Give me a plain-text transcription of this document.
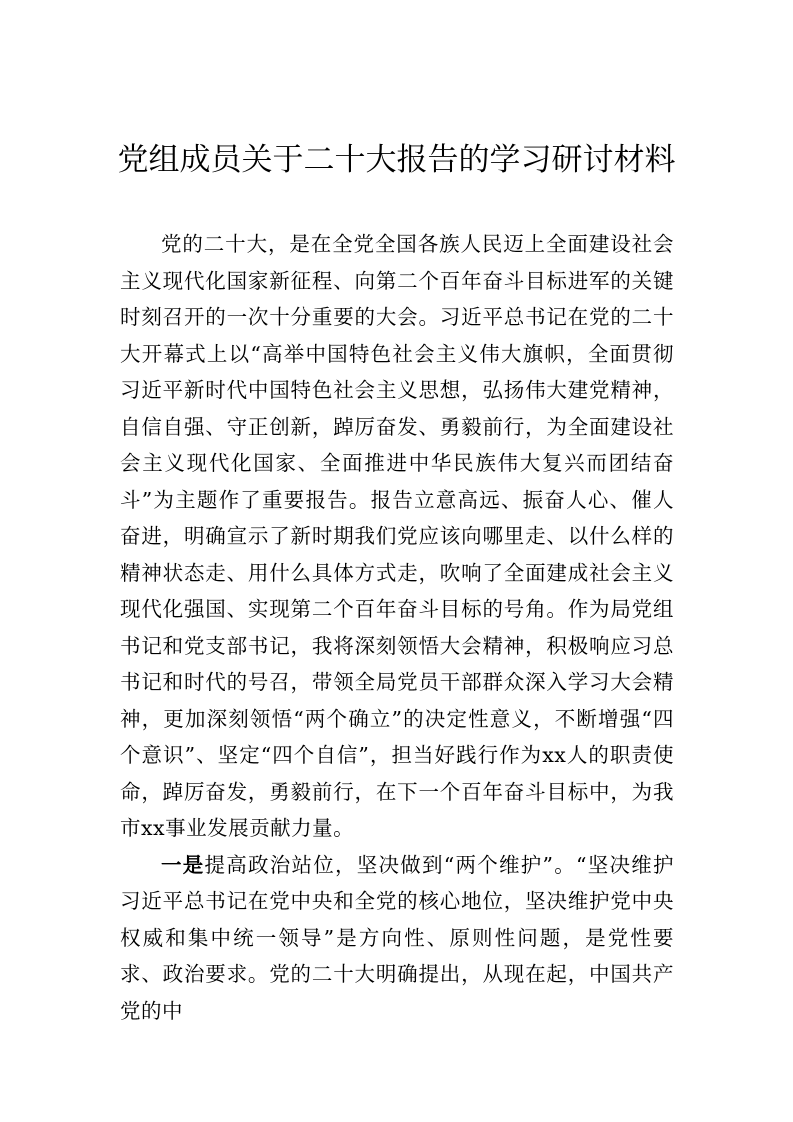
党组成员关于二十大报告的学习研讨材料

党的二十大，是在全党全国各族人民迈上全面建设社会主义现代化国家新征程、向第二个百年奋斗目标进军的关键时刻召开的一次十分重要的大会。习近平总书记在党的二十大开幕式上以“高举中国特色社会主义伟大旗帜，全面贯彻习近平新时代中国特色社会主义思想，弘扬伟大建党精神，自信自强、守正创新，踔厉奋发、勇毅前行，为全面建设社会主义现代化国家、全面推进中华民族伟大复兴而团结奋斗”为主题作了重要报告。报告立意高远、振奋人心、催人奋进，明确宣示了新时期我们党应该向哪里走、以什么样的精神状态走、用什么具体方式走，吹响了全面建成社会主义现代化强国、实现第二个百年奋斗目标的号角。作为局党组书记和党支部书记，我将深刻领悟大会精神，积极响应习总书记和时代的号召，带领全局党员干部群众深入学习大会精神，更加深刻领悟“两个确立”的决定性意义，不断增强“四个意识”、坚定“四个自信”，担当好践行作为xx人的职责使命，踔厉奋发，勇毅前行，在下一个百年奋斗目标中，为我市xx事业发展贡献力量。

一是提高政治站位，坚决做到“两个维护”。“坚决维护习近平总书记在党中央和全党的核心地位，坚决维护党中央权威和集中统一领导”是方向性、原则性问题，是党性要求、政治要求。党的二十大明确提出，从现在起，中国共产党的中
